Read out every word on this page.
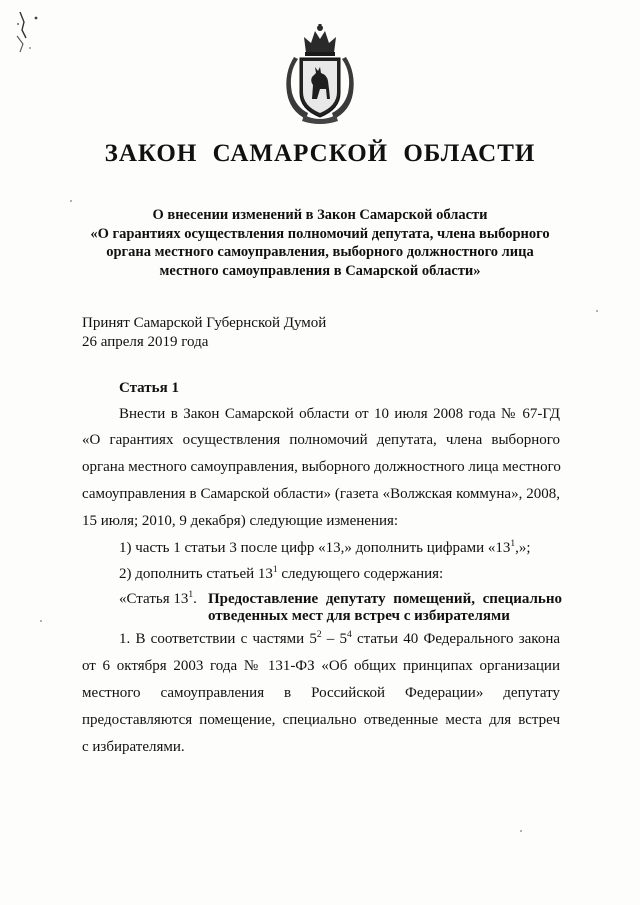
ЗАКОН САМАРСКОЙ ОБЛАСТИ
О внесении изменений в Закон Самарской области
«О гарантиях осуществления полномочий депутата, члена выборного
органа местного самоуправления, выборного должностного лица
местного самоуправления в Самарской области»
Принят Самарской Губернской Думой
26 апреля 2019 года
Статья 1
Внести в Закон Самарской области от 10 июля 2008 года № 67-ГД
«О гарантиях осуществления полномочий депутата, члена выборного
органа местного самоуправления, выборного должностного лица местного
самоуправления в Самарской области» (газета «Волжская коммуна», 2008,
15 июля; 2010, 9 декабря) следующие изменения:
1) часть 1 статьи 3 после цифр «13,» дополнить цифрами «$13^1$,»;
2) дополнить статьей $13^1$ следующего содержания:
«Статья $13^1$. Предоставление депутату помещений, специально отведенных мест для встреч с избирателями
1. В соответствии с частями $5^2 - 5^4$ статьи 40 Федерального закона
от 6 октября 2003 года № 131-ФЗ «Об общих принципах организации
местного самоуправления в Российской Федерации» депутату
предоставляются помещение, специально отведенные места для встреч
с избирателями.
